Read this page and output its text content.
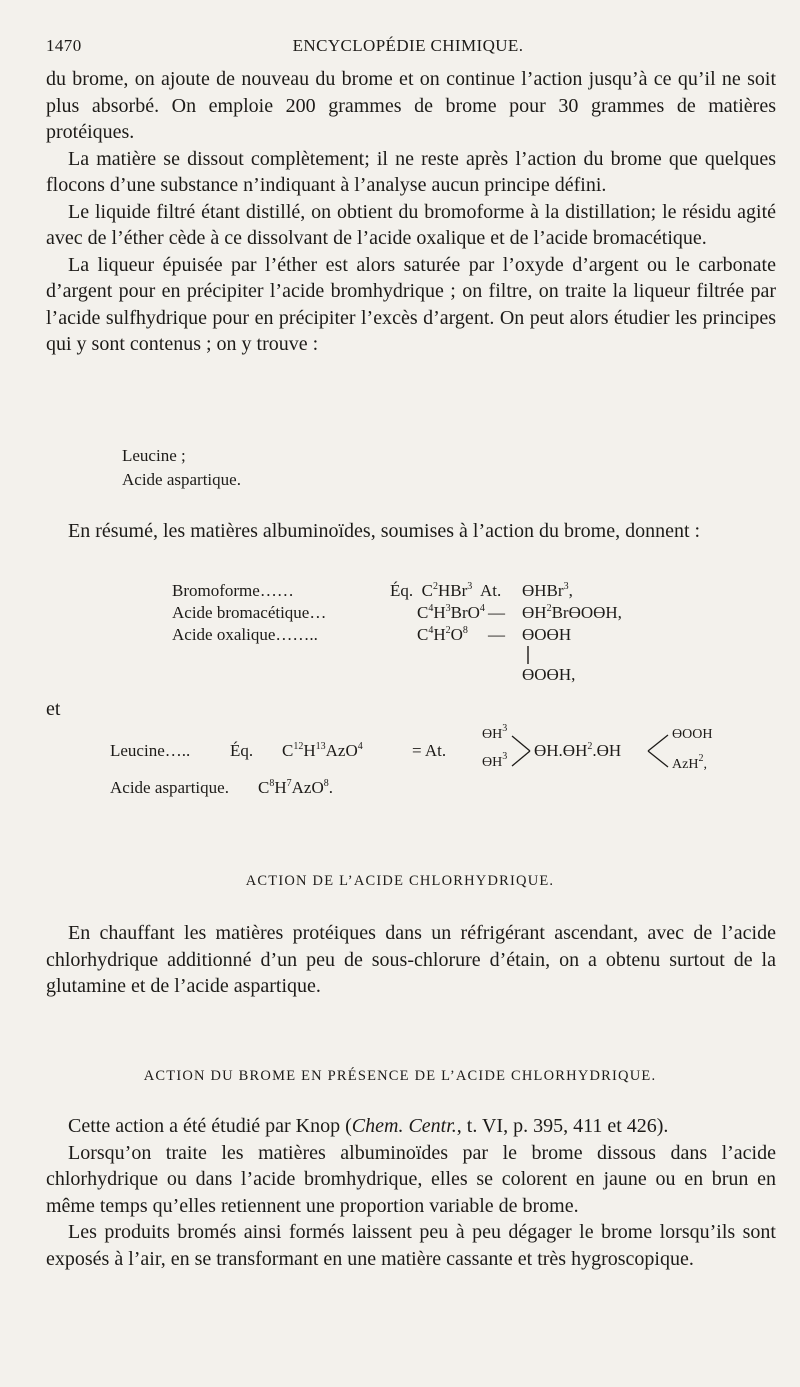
1470	ENCYCLOPÉDIE CHIMIQUE.

du brome, on ajoute de nouveau du brome et on continue l’action jusqu’à ce qu’il ne soit plus absorbé. On emploie 200 grammes de brome pour 30 grammes de matières protéiques.

La matière se dissout complètement; il ne reste après l’action du brome que quelques flocons d’une substance n’indiquant à l’analyse aucun principe défini.

Le liquide filtré étant distillé, on obtient du bromoforme à la distillation; le résidu agité avec de l’éther cède à ce dissolvant de l’acide oxalique et de l’acide bromacétique.

La liqueur épuisée par l’éther est alors saturée par l’oxyde d’argent ou le carbonate d’argent pour en précipiter l’acide bromhydrique ; on filtre, on traite la liqueur filtrée par l’acide sulfhydrique pour en précipiter l’excès d’argent. On peut alors étudier les principes qui y sont contenus ; on y trouve :

Leucine ;
Acide aspartique.

En résumé, les matières albuminoïdes, soumises à l’action du brome, donnent :

Bromoforme……	Éq. $C^2HBr^3$ At. ƟHBr$^3$,
Acide bromacétique…	$C^4H^3BrO^4$ — $ƟH^2BrƟOƟH$,
Acide oxalique……..	$C^4H^2O^8$ — ƟOƟH
ƟOƟH,
et
Leucine….. Éq. $C^{12}H^{13}AzO^4$	= At.
$ƟH^3$
$ƟH^3$ $ƟH.ƟH^2.ƟH$
ƟOOH
AzH$^2$,
Acide aspartique. $C^8H^7AzO^8$.
ACTION DE L’ACIDE CHLORHYDRIQUE.

En chauffant les matières protéiques dans un réfrigérant ascendant, avec de l’acide chlorhydrique additionné d’un peu de sous-chlorure d’étain, on a obtenu surtout de la glutamine et de l’acide aspartique.

ACTION DU BROME EN PRÉSENCE DE L’ACIDE CHLORHYDRIQUE.

Cette action a été étudié par Knop (Chem. Centr., t. VI, p. 395, 411 et 426).

Lorsqu’on traite les matières albuminoïdes par le brome dissous dans l’acide chlorhydrique ou dans l’acide bromhydrique, elles se colorent en jaune ou en brun en même temps qu’elles retiennent une proportion variable de brome.

Les produits bromés ainsi formés laissent peu à peu dégager le brome lorsqu’ils sont exposés à l’air, en se transformant en une matière cassante et très hygroscopique.
